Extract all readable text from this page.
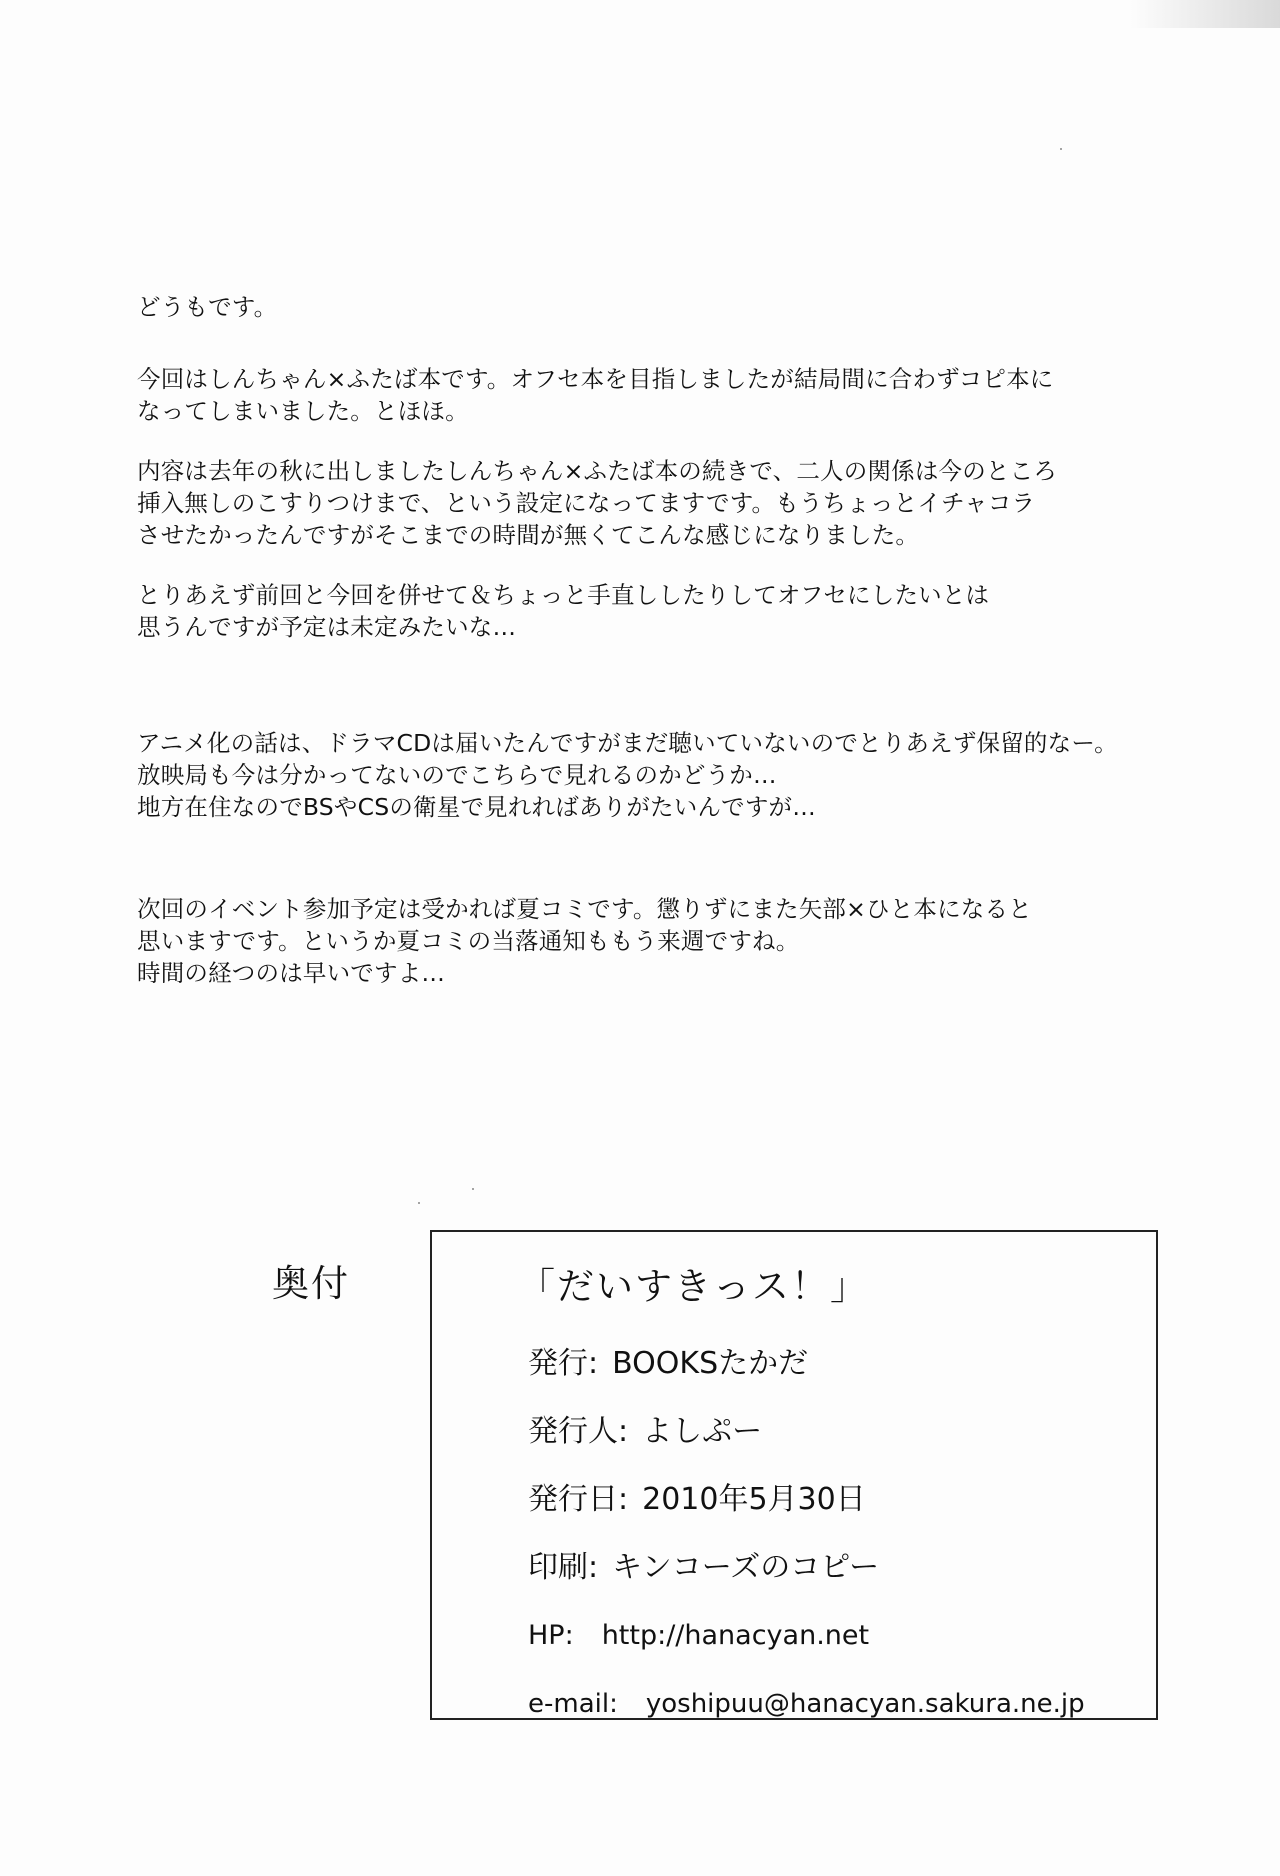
どうもです。

今回はしんちゃん×ふたば本です。オフセ本を目指しましたが結局間に合わずコピ本に
なってしまいました。とほほ。

内容は去年の秋に出しましたしんちゃん×ふたば本の続きで、二人の関係は今のところ
挿入無しのこすりつけまで、という設定になってますです。もうちょっとイチャコラ
させたかったんですがそこまでの時間が無くてこんな感じになりました。

とりあえず前回と今回を併せて＆ちょっと手直ししたりしてオフセにしたいとは
思うんですが予定は未定みたいな…

アニメ化の話は、ドラマCDは届いたんですがまだ聴いていないのでとりあえず保留的なー。
放映局も今は分かってないのでこちらで見れるのかどうか…
地方在住なのでBSやCSの衛星で見れればありがたいんですが…

次回のイベント参加予定は受かれば夏コミです。懲りずにまた矢部×ひと本になると
思いますです。というか夏コミの当落通知ももう来週ですね。
時間の経つのは早いですよ…

奥付	「だいすきっス！」
発行: BOOKSたかだ
発行人: よしぷー
発行日: 2010年5月30日
印刷: キンコーズのコピー
HP: http://hanacyan.net
e-mail: yoshipuu@hanacyan.sakura.ne.jp
